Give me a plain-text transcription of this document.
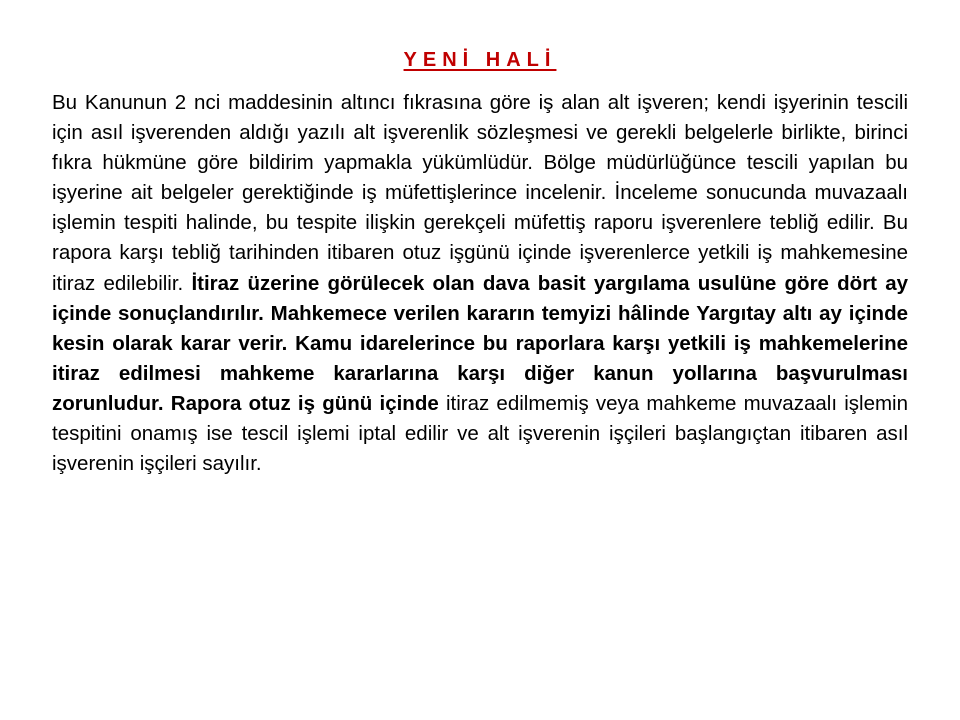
YENİ HALİ

Bu Kanunun 2 nci maddesinin altıncı fıkrasına göre iş alan alt işveren; kendi işyerinin tescili için asıl işverenden aldığı yazılı alt işverenlik sözleşmesi ve gerekli belgelerle birlikte, birinci fıkra hükmüne göre bildirim yapmakla yükümlüdür. Bölge müdürlüğünce tescili yapılan bu işyerine ait belgeler gerektiğinde iş müfettişlerince incelenir. İnceleme sonucunda muvazaalı işlemin tespiti halinde, bu tespite ilişkin gerekçeli müfettiş raporu işverenlere tebliğ edilir. Bu rapora karşı tebliğ tarihinden itibaren otuz işgünü içinde işverenlerce yetkili iş mahkemesine itiraz edilebilir. İtiraz üzerine görülecek olan dava basit yargılama usulüne göre dört ay içinde sonuçlandırılır. Mahkemece verilen kararın temyizi hâlinde Yargıtay altı ay içinde kesin olarak karar verir. Kamu idarelerince bu raporlara karşı yetkili iş mahkemelerine itiraz edilmesi mahkeme kararlarına karşı diğer kanun yollarına başvurulması zorunludur. Rapora otuz iş günü içinde itiraz edilmemiş veya mahkeme muvazaalı işlemin tespitini onamış ise tescil işlemi iptal edilir ve alt işverenin işçileri başlangıçtan itibaren asıl işverenin işçileri sayılır.
